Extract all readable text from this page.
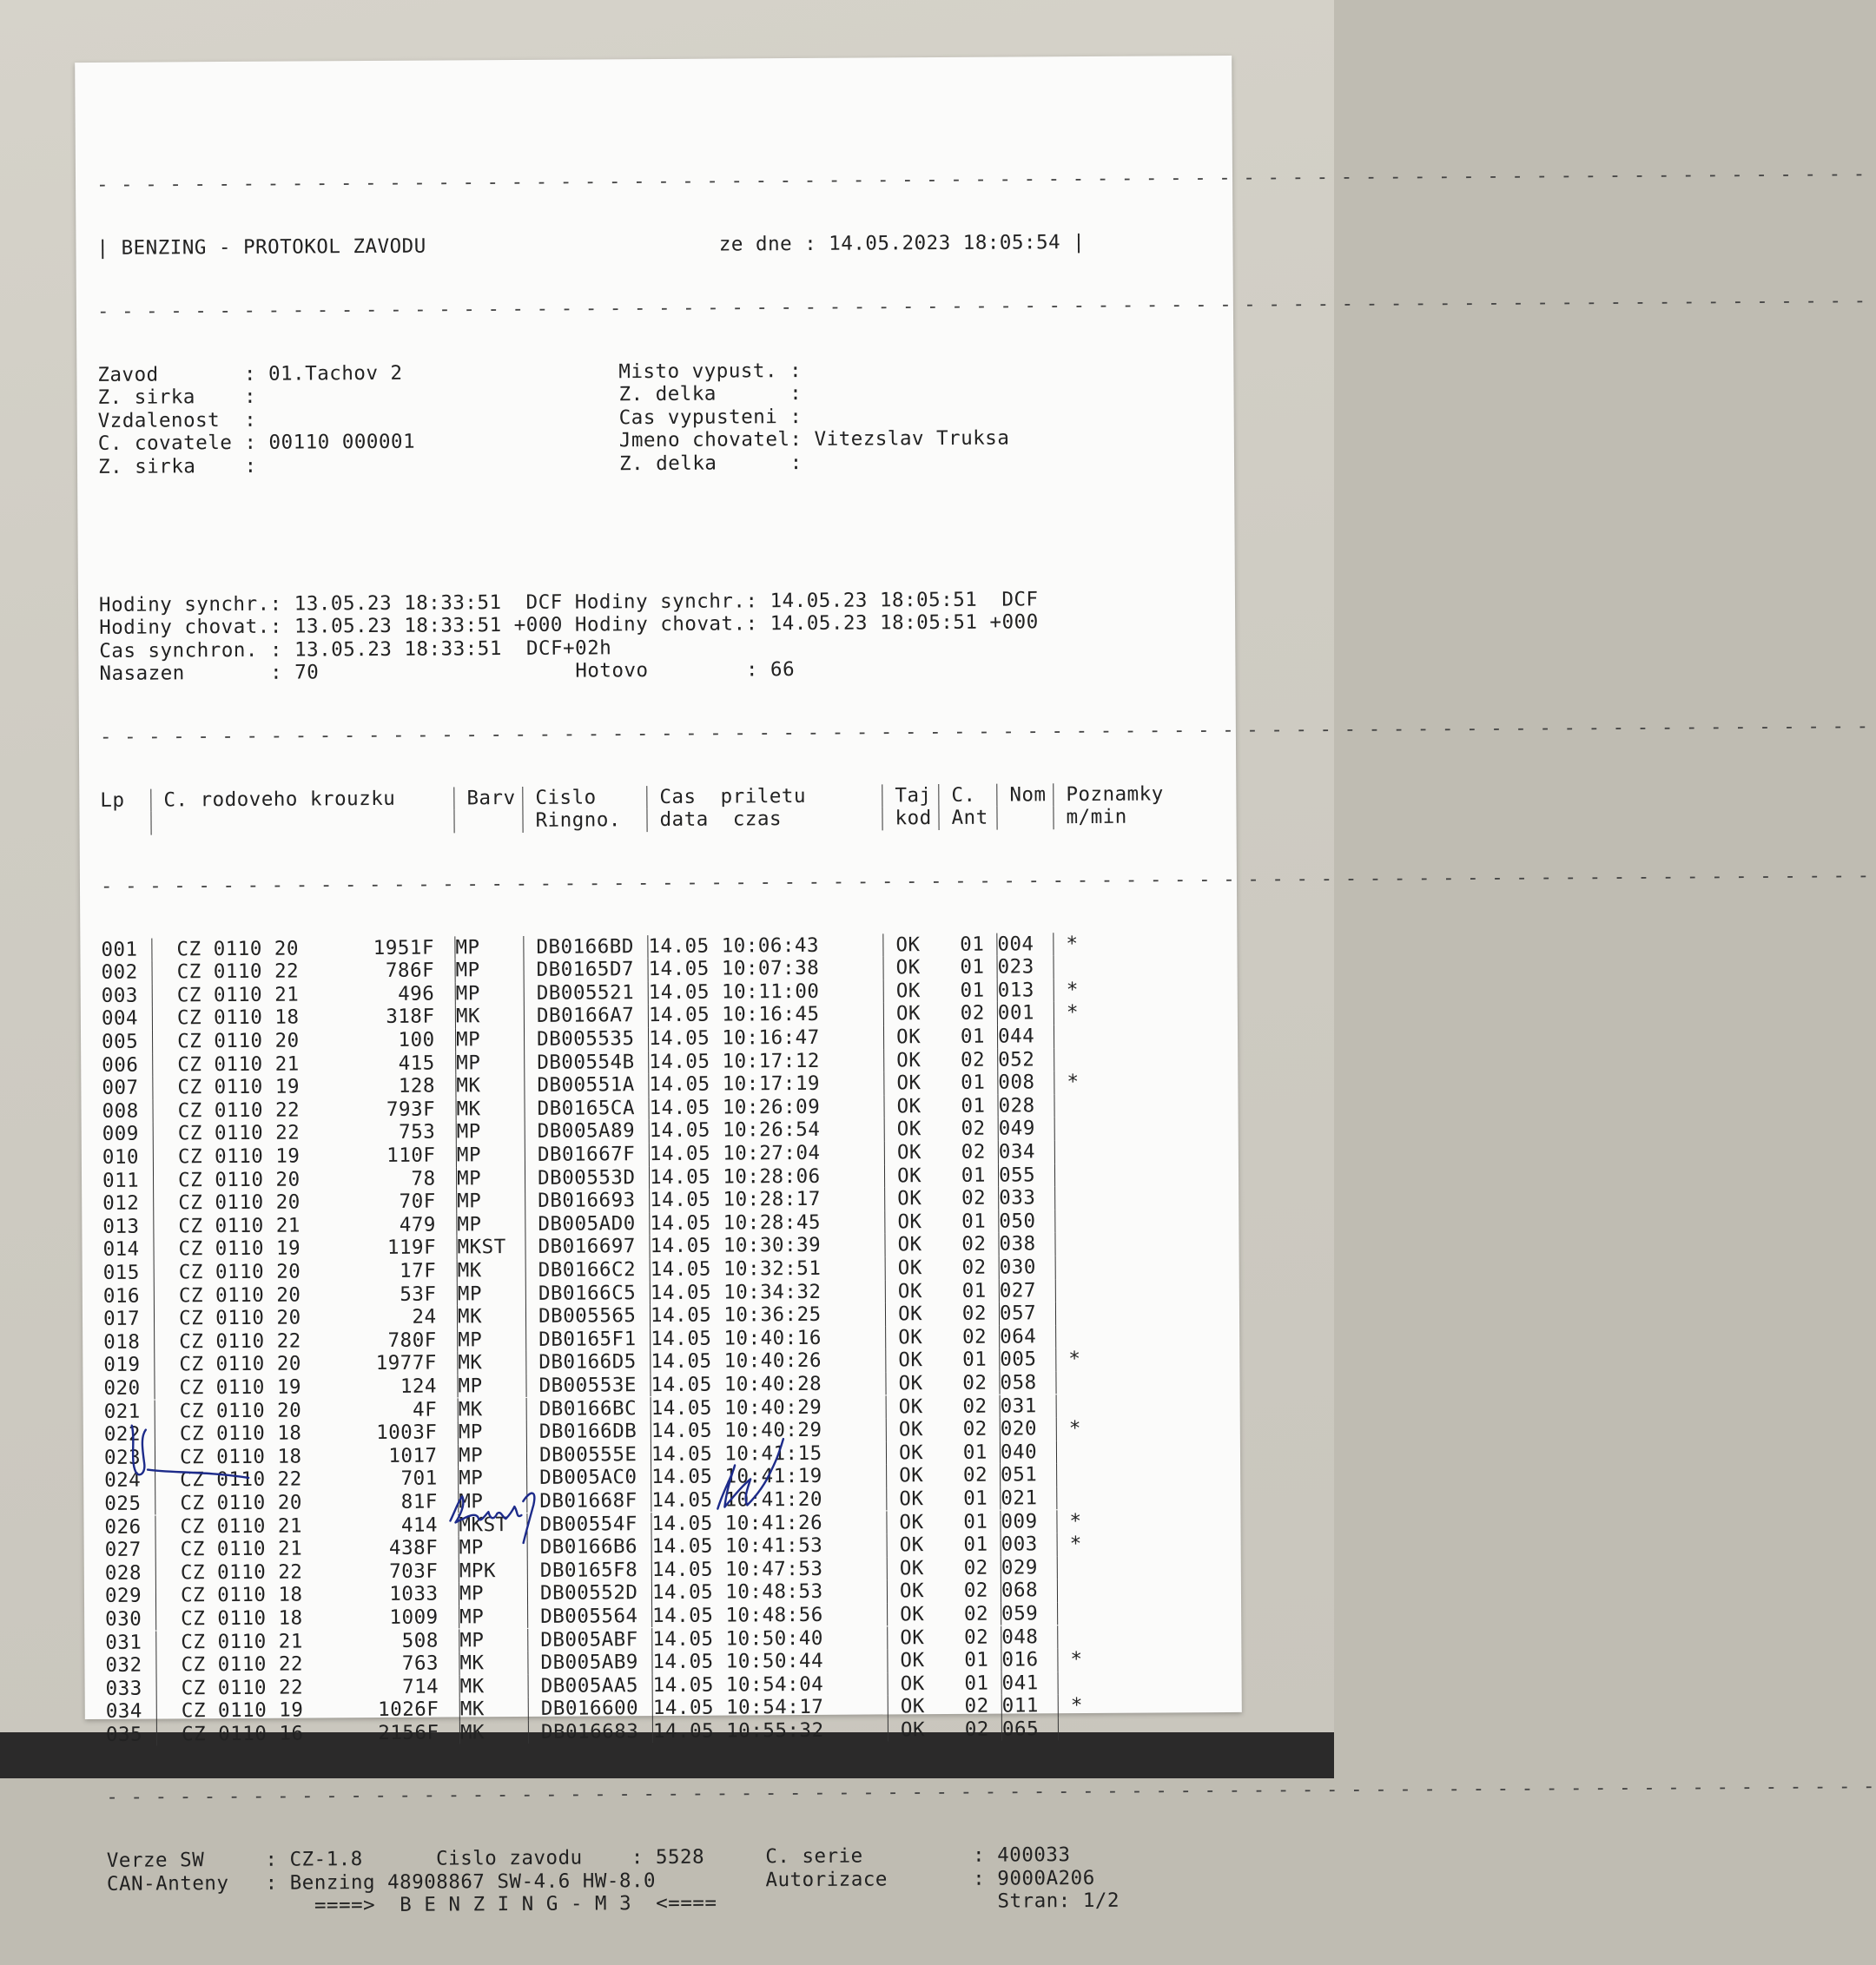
- - - - - - - - - - - - - - - - - - - - - - - - - - - - - - - - - - - - - - - - - - - - - - - - - - - - - - - - - - - - - - - - - - - - - - - - -

| BENZING - PROTOKOL ZAVODU	ze dne : 14.05.2023 18:05:54 |

- - - - - - - - - - - - - - - - - - - - - - - - - - - - - - - - - - - - - - - - - - - - - - - - - - - - - - - - - - - - - - - - - - - - - - - - -

Zavod       : 01.Tachov 2	Misto vypust. :
Z. sirka    :	Z. delka      :
Vzdalenost  :	Cas vypusteni :
C. covatele : 00110 000001	Jmeno chovatel: Vitezslav Truksa
Z. sirka    :	Z. delka      :

Hodiny synchr.: 13.05.23 18:33:51  DCF Hodiny synchr.: 14.05.23 18:05:51  DCF
Hodiny chovat.: 13.05.23 18:33:51 +000 Hodiny chovat.: 14.05.23 18:05:51 +000
Cas synchron. : 13.05.23 18:33:51  DCF+02h
Nasazen       : 70                     Hotovo        : 66

- - - - - - - - - - - - - - - - - - - - - - - - - - - - - - - - - - - - - - - - - - - - - - - - - - - - - - - - - - - - - - - - - - - - - - - - -

Lp C. rodoveho krouzku	Barv Cislo	Cas  priletu	Taj C. Nom Poznamky
Ringno. data  czas	kod Ant	m/min

- - - - - - - - - - - - - - - - - - - - - - - - - - - - - - - - - - - - - - - - - - - - - - - - - - - - - - - - - - - - - - - - - - - - - - - - -

001  CZ 0110 20	1951F MP DB0166BD 14.05 10:06:43	OK 01 004 *
002  CZ 0110 22	786F MP DB0165D7 14.05 10:07:38	OK 01 023
003  CZ 0110 21	496 MP DB005521 14.05 10:11:00	OK 01 013 *
004  CZ 0110 18	318F MK DB0166A7 14.05 10:16:45	OK 02 001 *
005  CZ 0110 20	100 MP DB005535 14.05 10:16:47	OK 01 044
006  CZ 0110 21	415 MP DB00554B 14.05 10:17:12	OK 02 052
007  CZ 0110 19	128 MK DB00551A 14.05 10:17:19	OK 01 008 *
008  CZ 0110 22	793F MK DB0165CA 14.05 10:26:09	OK 01 028
009  CZ 0110 22	753 MP DB005A89 14.05 10:26:54	OK 02 049
010  CZ 0110 19	110F MP DB01667F 14.05 10:27:04	OK 02 034
011  CZ 0110 20	78 MP DB00553D 14.05 10:28:06	OK 01 055
012  CZ 0110 20	70F MP DB016693 14.05 10:28:17	OK 02 033
013  CZ 0110 21	479 MP DB005AD0 14.05 10:28:45	OK 01 050
014  CZ 0110 19	119F MKST DB016697 14.05 10:30:39	OK 02 038
015  CZ 0110 20	17F MK DB0166C2 14.05 10:32:51	OK 02 030
016  CZ 0110 20	53F MP DB0166C5 14.05 10:34:32	OK 01 027
017  CZ 0110 20	24 MK DB005565 14.05 10:36:25	OK 02 057
018  CZ 0110 22	780F MP DB0165F1 14.05 10:40:16	OK 02 064
019  CZ 0110 20	1977F MK DB0166D5 14.05 10:40:26	OK 01 005 *
020  CZ 0110 19	124 MP DB00553E 14.05 10:40:28	OK 02 058
021  CZ 0110 20	4F MK DB0166BC 14.05 10:40:29	OK 02 031
022  CZ 0110 18	1003F MP DB0166DB 14.05 10:40:29	OK 02 020 *
023  CZ 0110 18	1017 MP DB00555E 14.05 10:41:15	OK 01 040
024  CZ 0110 22	701 MP DB005AC0 14.05 10:41:19	OK 02 051
025  CZ 0110 20	81F MP DB01668F 14.05 10:41:20	OK 01 021
026  CZ 0110 21	414 MKST DB00554F 14.05 10:41:26	OK 01 009 *
027  CZ 0110 21	438F MP DB0166B6 14.05 10:41:53	OK 01 003 *
028  CZ 0110 22	703F MPK DB0165F8 14.05 10:47:53	OK 02 029
029  CZ 0110 18	1033 MP DB00552D 14.05 10:48:53	OK 02 068
030  CZ 0110 18	1009 MP DB005564 14.05 10:48:56	OK 02 059
031  CZ 0110 21	508 MP DB005ABF 14.05 10:50:40	OK 02 048
032  CZ 0110 22	763 MK DB005AB9 14.05 10:50:44	OK 01 016 *
033  CZ 0110 22	714 MK DB005AA5 14.05 10:54:04	OK 01 041
034  CZ 0110 19	1026F MK DB016600 14.05 10:54:17	OK 02 011 *
035  CZ 0110 16	2156F MK DB016683 14.05 10:55:32	OK 02 065

- - - - - - - - - - - - - - - - - - - - - - - - - - - - - - - - - - - - - - - - - - - - - - - - - - - - - - - - - - - - - - - - - - - - - - - - -

Verze SW     : CZ-1.8      Cislo zavodu    : 5528     C. serie         : 400033
CAN-Anteny   : Benzing 48908867 SW-4.6 HW-8.0         Autorizace       : 9000A206
====>  B E N Z I N G - M 3  <====                       Stran: 1/2
